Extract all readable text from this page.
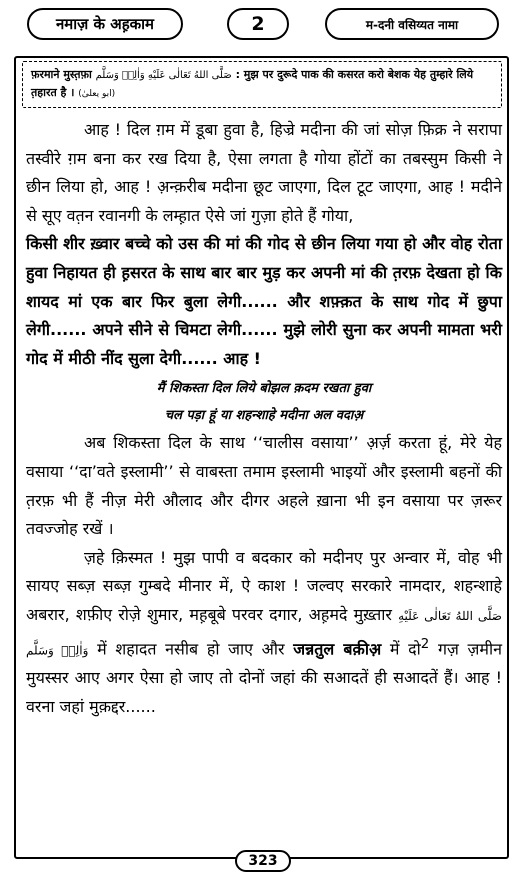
नमाज़ के अह़काम	2	म-दनी वसिय्यत नामा
फ़रमाने मुस्त़फ़ा صَلَّى اللهُ تَعَالٰى عَلَيْهِ وَاٰلِهٖ وَسَلَّم : मुझ पर दुरूदे पाक की कसरत करो बेशक येह तुम्हारे लिये त़हारत है । (ابو یعلیٰ)

आह ! दिल ग़म में डूबा हुवा है, हिज्रे मदीना की जां सोज़ फ़िक्र ने सरापा तस्वीरे ग़म बना कर रख दिया है, ऐसा लगता है गोया होंटों का तबस्सुम किसी ने छीन लिया हो, आह ! अ़न्क़रीब मदीना छूट जाएगा, दिल टूट जाएगा, आह ! मदीने से सूए वत़न रवानगी के लम्ह़ात ऐसे जां गुज़ा होते हैं गोया,

किसी शीर ख़्वार बच्चे को उस की मां की गोद से छीन लिया गया हो और वोह रोता हुवा निहायत ही ह़सरत के साथ बार बार मुड़ कर अपनी मां की त़रफ़ देखता हो कि शायद मां एक बार फिर बुला लेगी...... और शफ़्क़त के साथ गोद में छुपा लेगी...... अपने सीने से चिमटा लेगी...... मुझे लोरी सुना कर अपनी मामता भरी गोद में मीठी नींद सुला देगी...... आह !

मैं शिकस्ता दिल लिये बोझल क़दम रखता हुवा

चल पड़ा हूं या शहन्शाहे मदीना अल वदाअ़

अब शिकस्ता दिल के साथ ‘‘चालीस वसाया’’ अ़र्ज़ करता हूं, मेरे येह वसाया ‘‘दा’वते इस्लामी’’ से वाबस्ता तमाम इस्लामी भाइयों और इस्लामी बहनों की त़रफ़ भी हैं नीज़ मेरी औलाद और दीगर अहले ख़ाना भी इन वसाया पर ज़रूर तवज्जोह रखें ।

ज़हे क़िस्मत ! मुझ पापी व बदकार को मदीनए पुर अन्वार में, वोह भी सायए सब्ज़ सब्ज़ गुम्बदे मीनार में, ऐ काश ! जल्वए सरकारे नामदार, शहन्शाहे अबरार, शफ़ीए रोज़े शुमार, मह़बूबे परवर दगार, अह़मदे मुख़्तार صَلَّى اللهُ تَعَالٰى عَلَيْهِ وَاٰلِهٖ وَسَلَّم में शहादत नसीब हो जाए और जन्नतुल बक़ीअ़ में दो$^2$ गज़ ज़मीन मुयस्सर आए अगर ऐसा हो जाए तो दोनों जहां की सआदतें ही सआदतें हैं। आह ! वरना जहां मुक़द्दर......

323
